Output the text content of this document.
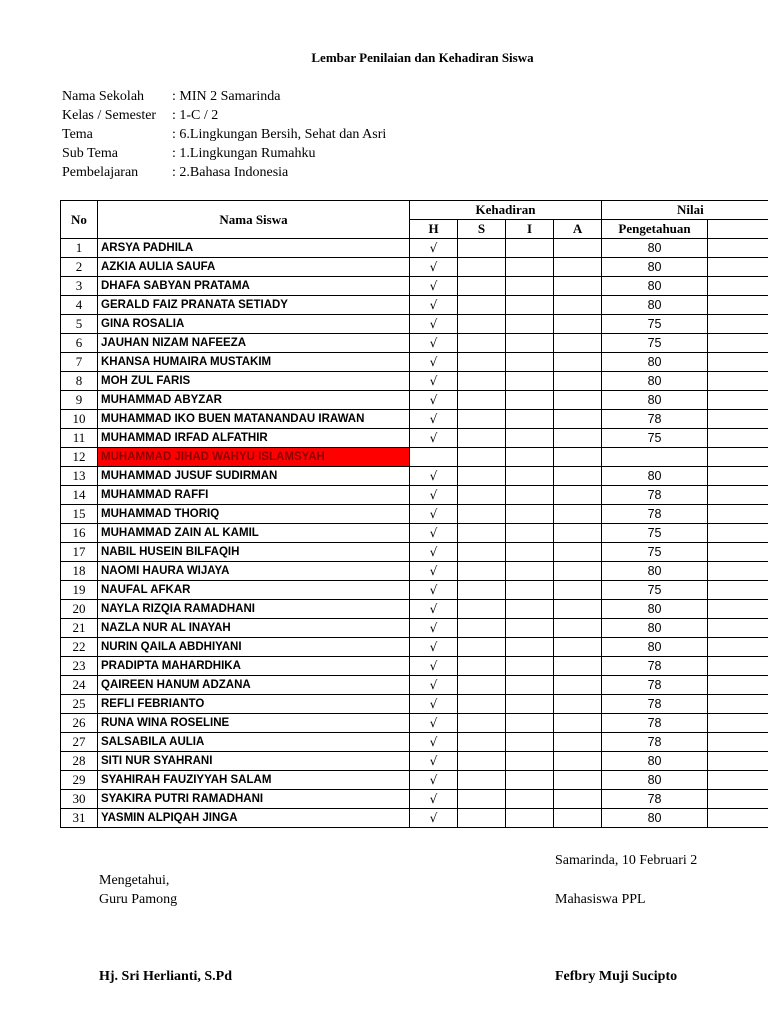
Lembar Penilaian dan Kehadiran Siswa
Nama Sekolah : MIN 2 Samarinda
Kelas / Semester : 1-C / 2
Tema	: 6.Lingkungan Bersih, Sehat dan Asri
Sub Tema	: 1.Lingkungan Rumahku
Pembelajaran : 2.Bahasa Indonesia
No	Nama Siswa	Kehadiran				Nilai	
		H	S	I	A	Pengetahuan	
1	ARSYA PADHILA	√				80	
2	AZKIA AULIA SAUFA	√				80	
3	DHAFA SABYAN PRATAMA	√				80	
4	GERALD FAIZ PRANATA SETIADY	√				80	
5	GINA ROSALIA	√				75	
6	JAUHAN NIZAM NAFEEZA	√				75	
7	KHANSA HUMAIRA MUSTAKIM	√				80	
8	MOH ZUL FARIS	√				80	
9	MUHAMMAD ABYZAR	√				80	
10	MUHAMMAD IKO BUEN MATANANDAU IRAWAN	√				78	
11	MUHAMMAD IRFAD ALFATHIR	√				75	
12	MUHAMMAD JIHAD WAHYU ISLAMSYAH						
13	MUHAMMAD JUSUF SUDIRMAN	√				80	
14	MUHAMMAD RAFFI	√				78	
15	MUHAMMAD THORIQ	√				78	
16	MUHAMMAD ZAIN AL KAMIL	√				75	
17	NABIL HUSEIN BILFAQIH	√				75	
18	NAOMI HAURA WIJAYA	√				80	
19	NAUFAL AFKAR	√				75	
20	NAYLA RIZQIA RAMADHANI	√				80	
21	NAZLA NUR AL INAYAH	√				80	
22	NURIN QAILA ABDHIYANI	√				80	
23	PRADIPTA MAHARDHIKA	√				78	
24	QAIREEN HANUM ADZANA	√				78	
25	REFLI FEBRIANTO	√				78	
26	RUNA WINA ROSELINE	√				78	
27	SALSABILA AULIA	√				78	
28	SITI NUR SYAHRANI	√				80	
29	SYAHIRAH FAUZIYYAH SALAM	√				80	
30	SYAKIRA PUTRI RAMADHANI	√				78	
31	YASMIN ALPIQAH JINGA	√				80	
Samarinda, 10 Februari 2
Mengetahui,
Guru Pamong	Mahasiswa PPL
Hj. Sri Herlianti, S.Pd	Fefbry Muji Sucipto
